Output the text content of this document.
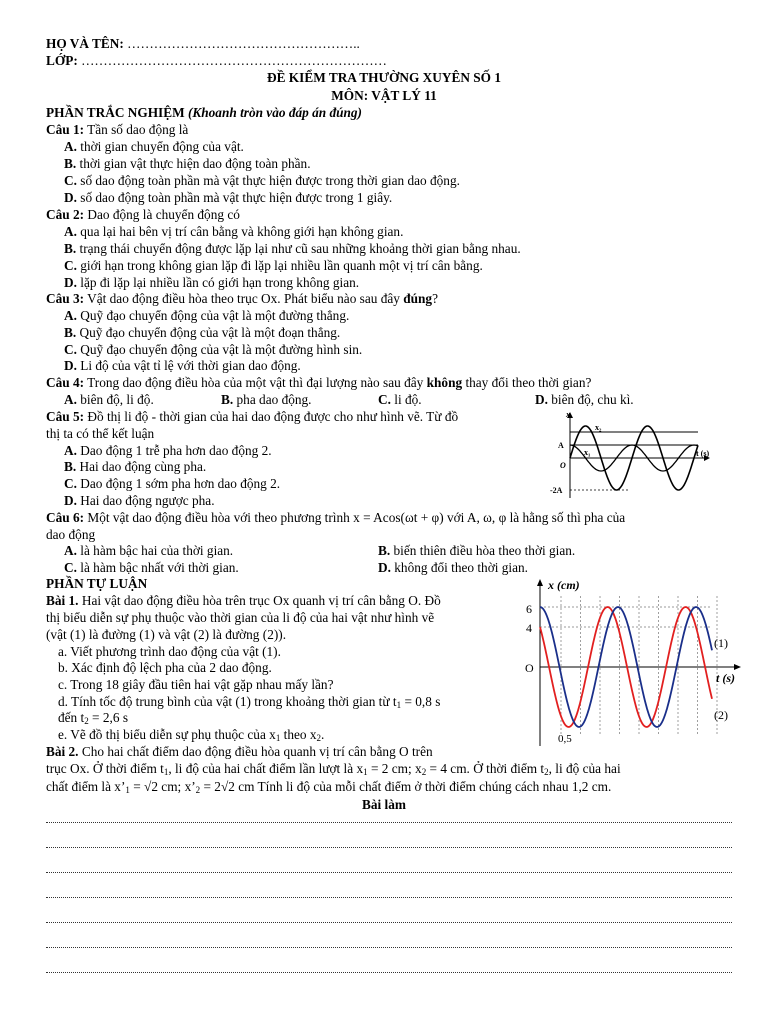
HỌ VÀ TÊN: ……………………………………………..
LỚP: ……………………………………………………………
ĐỀ KIỂM TRA THƯỜNG XUYÊN SỐ 1
MÔN: VẬT LÝ 11
PHẦN TRẮC NGHIỆM (Khoanh tròn vào đáp án đúng)
Câu 1: Tần số dao động là
A. thời gian chuyển động của vật.
B. thời gian vật thực hiện dao động toàn phần.
C. số dao động toàn phần mà vật thực hiện được trong thời gian dao động.
D. số dao động toàn phần mà vật thực hiện được trong 1 giây.
Câu 2: Dao động là chuyển động có
A. qua lại hai bên vị trí cân bằng và không giới hạn không gian.
B. trạng thái chuyển động được lặp lại như cũ sau những khoảng thời gian bằng nhau.
C. giới hạn trong không gian lặp đi lặp lại nhiều lần quanh một vị trí cân bằng.
D. lặp đi lặp lại nhiều lần có giới hạn trong không gian.
Câu 3: Vật dao động điều hòa theo trục Ox. Phát biểu nào sau đây đúng?
A. Quỹ đạo chuyển động của vật là một đường thẳng.
B. Quỹ đạo chuyển động của vật là một đoạn thẳng.
C. Quỹ đạo chuyển động của vật là một đường hình sin.
D. Li độ của vật tỉ lệ với thời gian dao động.
Câu 4: Trong dao động điều hòa của một vật thì đại lượng nào sau đây không thay đổi theo thời gian?
A. biên độ, li độ.	B. pha dao động.	C. li độ.	D. biên độ, chu kì.
Câu 5: Đồ thị li độ - thời gian của hai dao động được cho như hình vẽ. Từ đồ
thị ta có thể kết luận
A. Dao động 1 trễ pha hơn dao động 2.
B. Hai dao động cùng pha.
C. Dao động 1 sớm pha hơn dao động 2.
D. Hai dao động ngược pha.
x
x₂
x₁
A
O
-2A
t (s)
Câu 6: Một vật dao động điều hòa với theo phương trình x = Acos(ωt + φ) với A, ω, φ là hằng số thì pha của
dao động
A. là hàm bậc hai của thời gian.	B. biến thiên điều hòa theo thời gian.
C. là hàm bậc nhất với thời gian.	D. không đổi theo thời gian.
PHẦN TỰ LUẬN
Bài 1. Hai vật dao động điều hòa trên trục Ox quanh vị trí cân bằng O. Đồ
thị biểu diễn sự phụ thuộc vào thời gian của li độ của hai vật như hình vẽ
(vật (1) là đường (1) và vật (2) là đường (2)).
a. Viết phương trình dao động của vật (1).
b. Xác định độ lệch pha của 2 dao động.
c. Trong 18 giây đầu tiên hai vật gặp nhau mấy lần?
d. Tính tốc độ trung bình của vật (1) trong khoảng thời gian từ $t_1 = 0,8$ s
đến $t_2 = 2,6$ s
e. Vẽ đồ thị biểu diễn sự phụ thuộc của $x_1$ theo $x_2$.
x (cm)
6
4
O
t (s)
0,5
(1)
(2)
Bài 2. Cho hai chất điểm dao động điều hòa quanh vị trí cân bằng O trên
trục Ox. Ở thời điểm $t_1$, li độ của hai chất điểm lần lượt là $x_1 = 2$ cm; $x_2 = 4$ cm. Ở thời điểm $t_2$, li độ của hai
chất điểm là $x’_1 = √2$ cm; $x’_2 = 2√2$ cm Tính li độ của mỗi chất điểm ở thời điểm chúng cách nhau 1,2 cm.
Bài làm
